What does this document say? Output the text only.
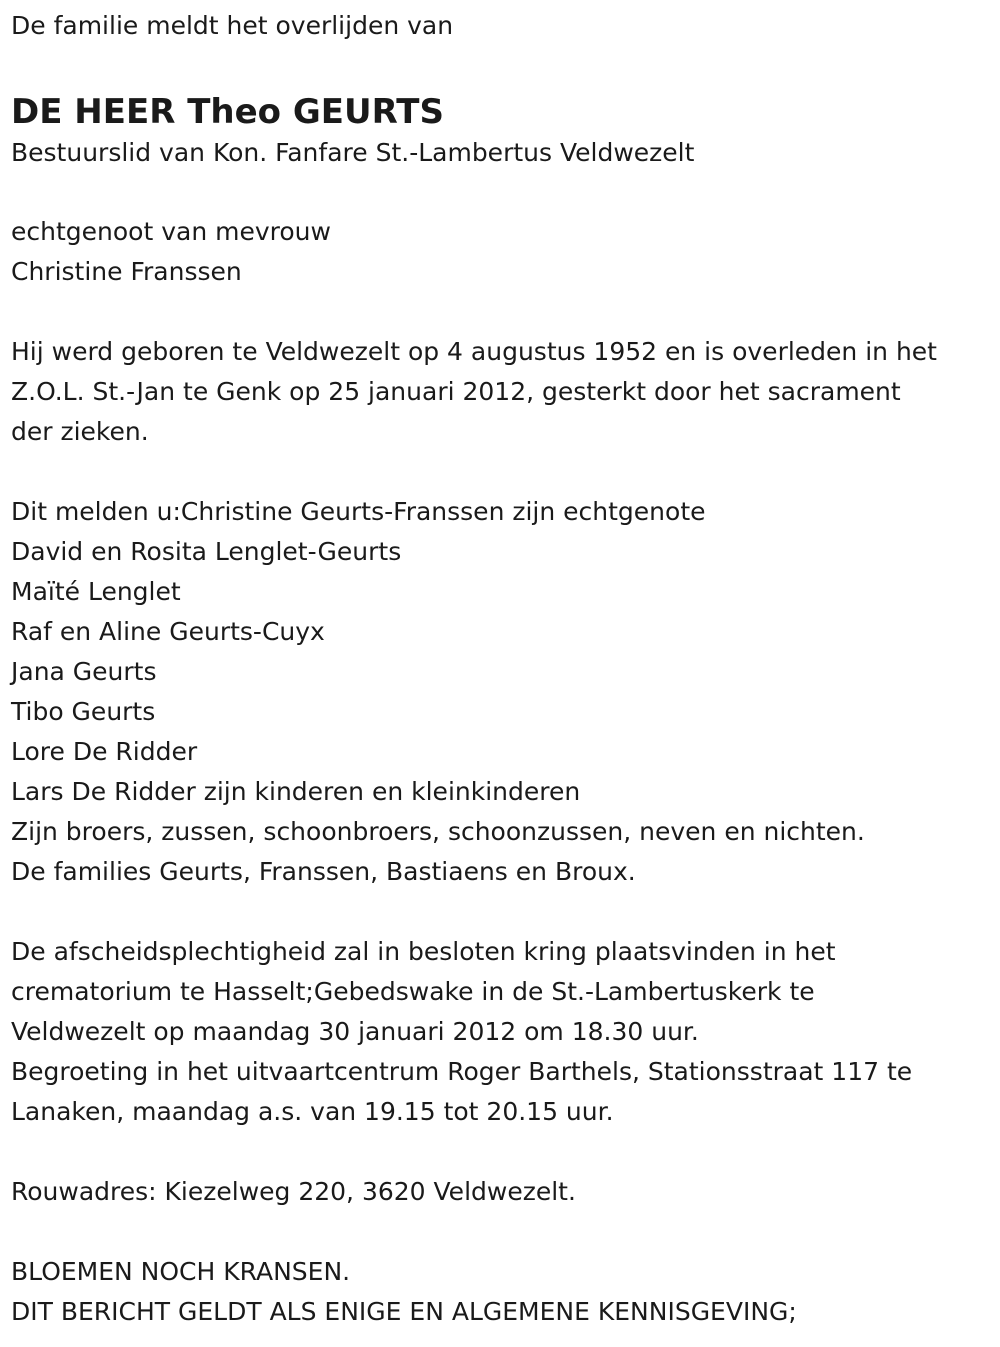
De familie meldt het overlijden van
DE HEER Theo GEURTS
Bestuurslid van Kon. Fanfare St.-Lambertus Veldwezelt
echtgenoot van mevrouw
Christine Franssen
Hij werd geboren te Veldwezelt op 4 augustus 1952 en is overleden in het
Z.O.L. St.-Jan te Genk op 25 januari 2012, gesterkt door het sacrament
der zieken.
Dit melden u:Christine Geurts-Franssen zijn echtgenote
David en Rosita Lenglet-Geurts
Maïté Lenglet
Raf en Aline Geurts-Cuyx
Jana Geurts
Tibo Geurts
Lore De Ridder
Lars De Ridder zijn kinderen en kleinkinderen
Zijn broers, zussen, schoonbroers, schoonzussen, neven en nichten.
De families Geurts, Franssen, Bastiaens en Broux.
De afscheidsplechtigheid zal in besloten kring plaatsvinden in het
crematorium te Hasselt;Gebedswake in de St.-Lambertuskerk te
Veldwezelt op maandag 30 januari 2012 om 18.30 uur.
Begroeting in het uitvaartcentrum Roger Barthels, Stationsstraat 117 te
Lanaken, maandag a.s. van 19.15 tot 20.15 uur.
Rouwadres: Kiezelweg 220, 3620 Veldwezelt.
BLOEMEN NOCH KRANSEN.
DIT BERICHT GELDT ALS ENIGE EN ALGEMENE KENNISGEVING;
